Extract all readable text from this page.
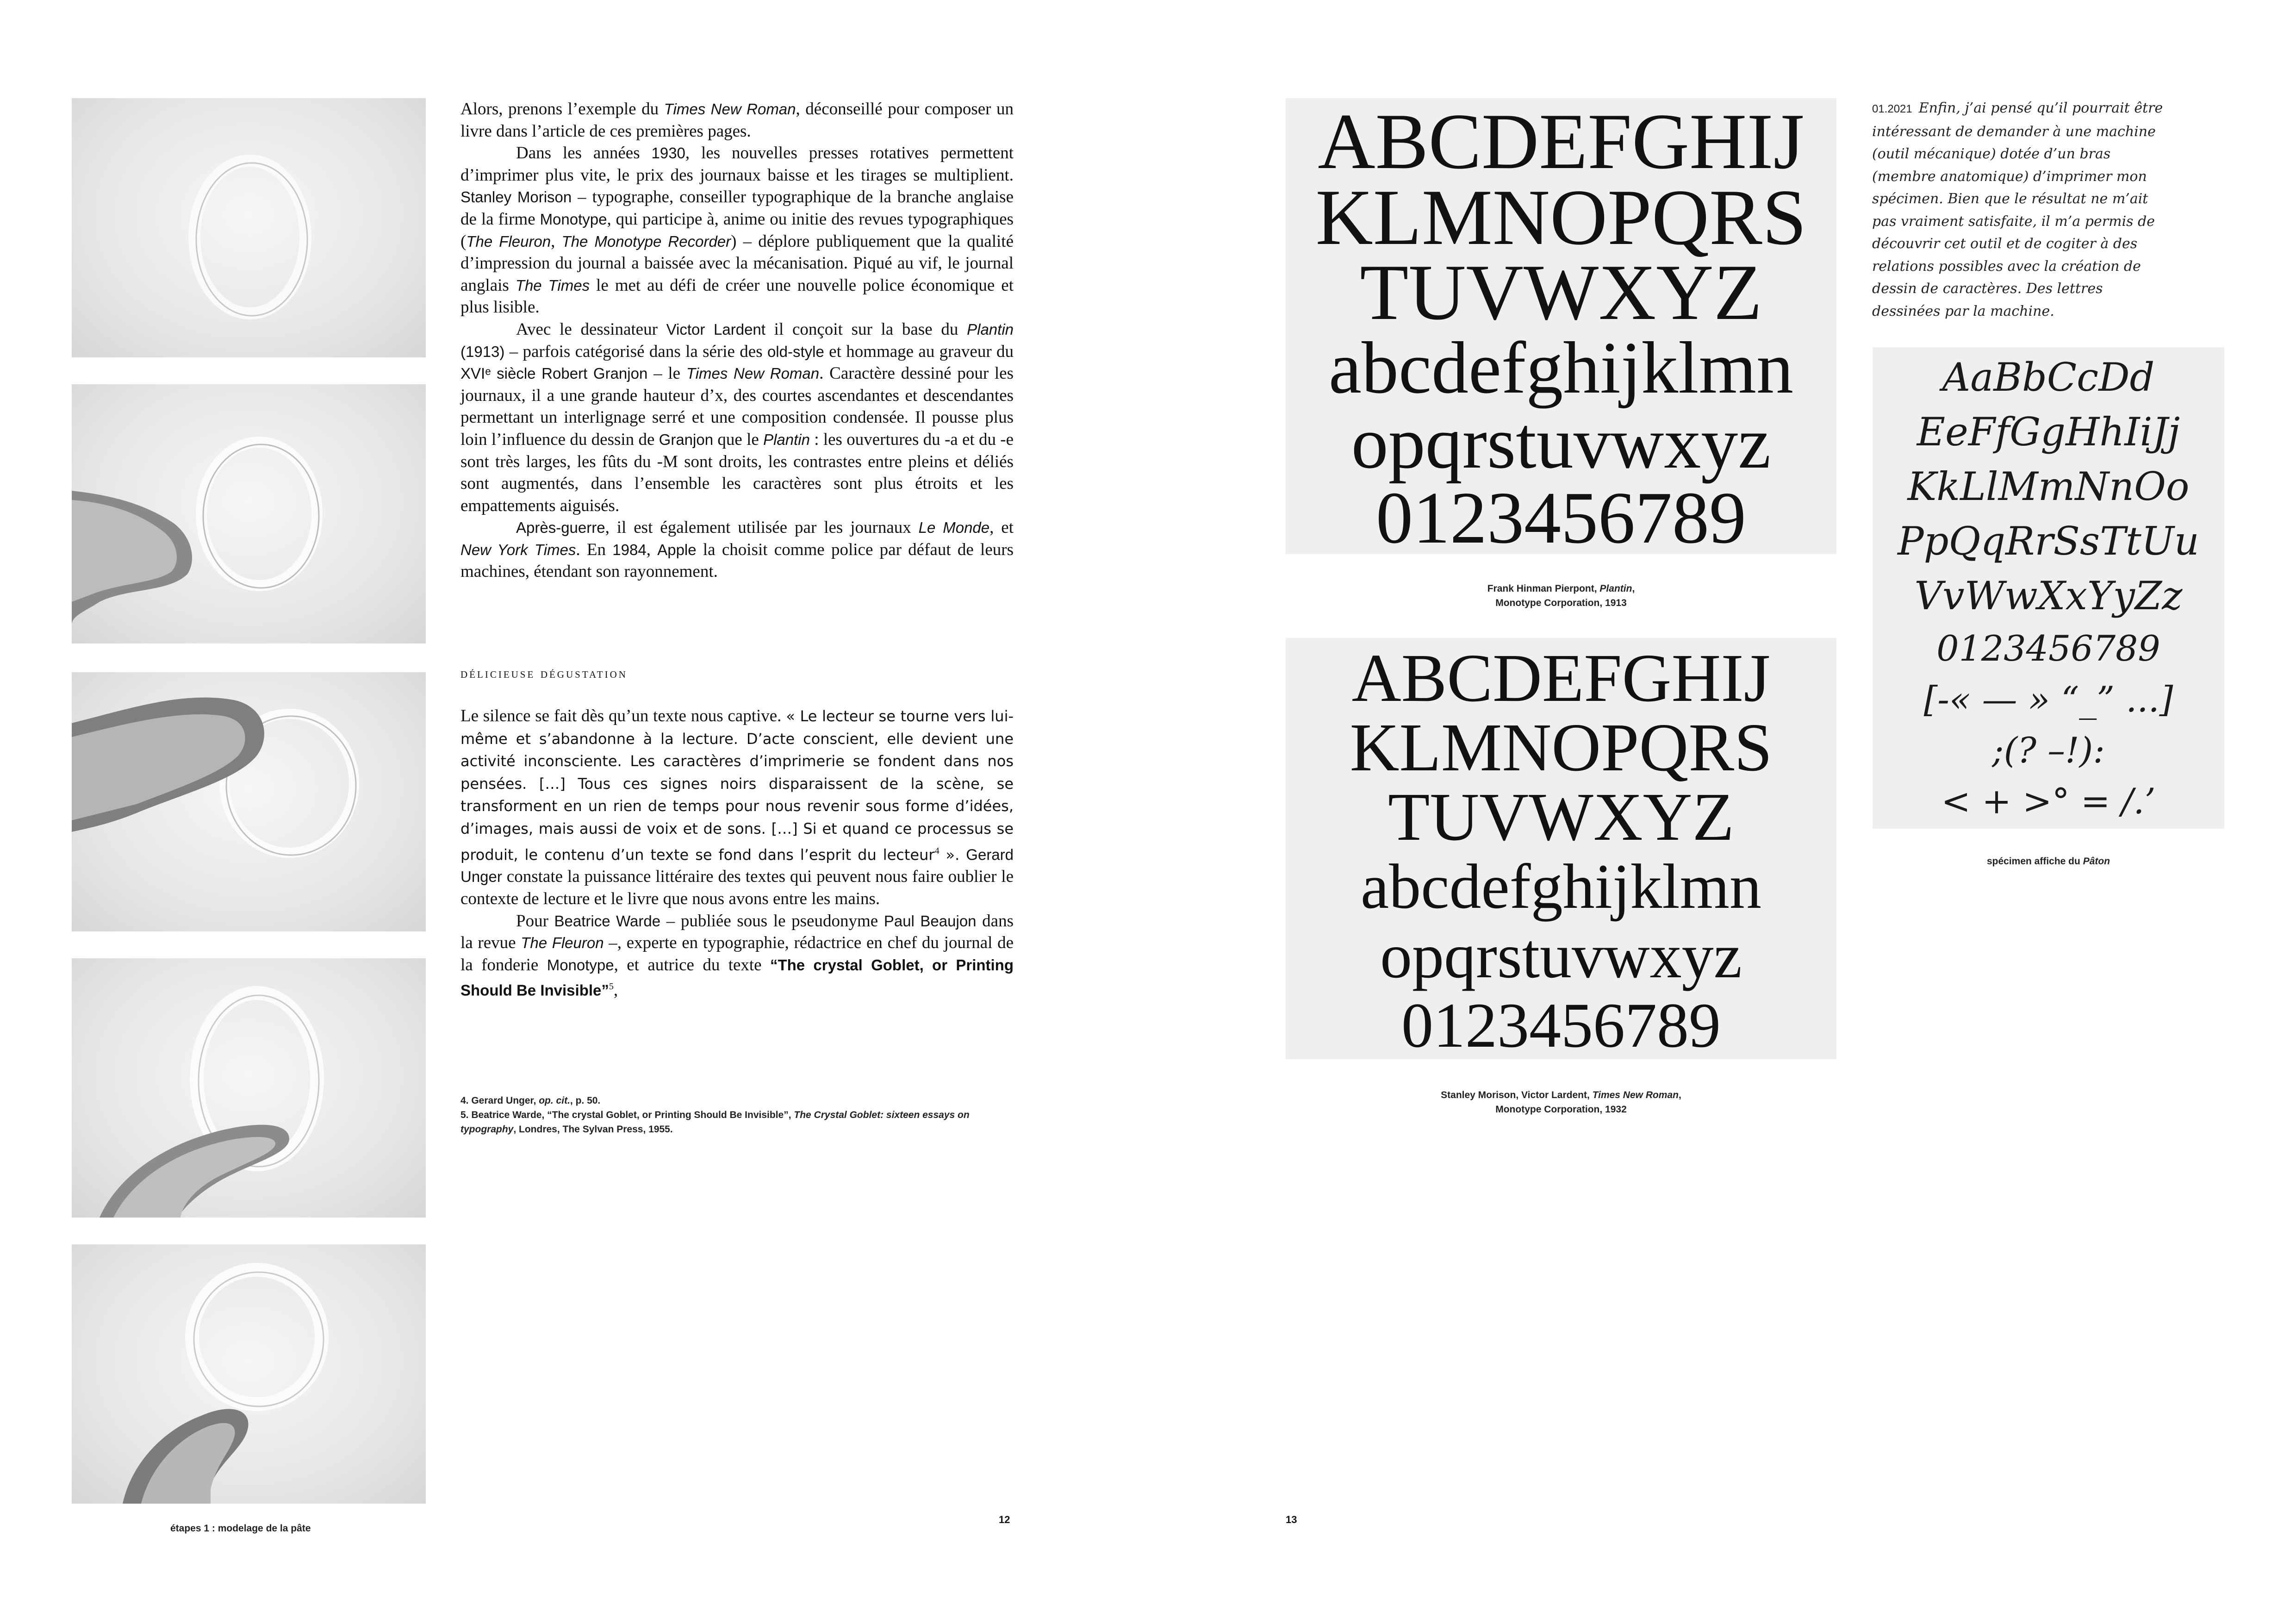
étapes 1 : modelage de la pâte

Alors, prenons l’exemple du Times New Roman, déconseillé pour composer un livre dans l’article de ces premières pages.

Dans les années 1930, les nouvelles presses rotatives permettent d’imprimer plus vite, le prix des journaux baisse et les tirages se multiplient. Stanley Morison – typographe, conseiller typographique de la branche anglaise de la firme Monotype, qui participe à, anime ou initie des revues typographiques (The Fleuron, The Monotype Recorder) – déplore publiquement que la qualité d’impression du journal a baissée avec la mécanisation. Piqué au vif, le journal anglais The Times le met au défi de créer une nouvelle police économique et plus lisible.

Avec le dessinateur Victor Lardent il conçoit sur la base du Plantin (1913) – parfois catégorisé dans la série des old-style et hommage au graveur du XVIᵉ siècle Robert Granjon – le Times New Roman. Caractère dessiné pour les journaux, il a une grande hauteur d’x, des courtes ascendantes et descendantes permettant un interlignage serré et une composition condensée. Il pousse plus loin l’influence du dessin de Granjon que le Plantin : les ouvertures du -a et du -e sont très larges, les fûts du -M sont droits, les contrastes entre pleins et déliés sont augmentés, dans l’ensemble les caractères sont plus étroits et les empattements aiguisés.

Après-guerre, il est également utilisée par les journaux Le Monde, et New York Times. En 1984, Apple la choisit comme police par défaut de leurs machines, étendant son rayonnement.

délicieuse dégustation

Le silence se fait dès qu’un texte nous captive. « Le lecteur se tourne vers lui-même et s’abandonne à la lecture. D’acte conscient, elle devient une activité inconsciente. Les caractères d’imprimerie se fondent dans nos pensées. […] Tous ces signes noirs disparaissent de la scène, se transforment en un rien de temps pour nous revenir sous forme d’idées, d’images, mais aussi de voix et de sons. […] Si et quand ce processus se produit, le contenu d’un texte se fond dans l’esprit du lecteur$^4$ ». Gerard Unger constate la puissance littéraire des textes qui peuvent nous faire oublier le contexte de lecture et le livre que nous avons entre les mains.

Pour Beatrice Warde – publiée sous le pseudonyme Paul Beaujon dans la revue The Fleuron –, experte en typographie, rédactrice en chef du journal de la fonderie Monotype, et autrice du texte “The crystal Goblet, or Printing Should Be Invisible”$^5$,

4. Gerard Unger, op. cit., p. 50.

5. Beatrice Warde, “The crystal Goblet, or Printing Should Be Invisible”, The Crystal Goblet: sixteen essays on typography, Londres, The Sylvan Press, 1955.

12	13
ABCDEFGHIJ
KLMNOPQRS
TUVWXYZ
abcdefghijklmn
opqrstuvwxyz
0123456789
Frank Hinman Pierpont, Plantin,
Monotype Corporation, 1913
ABCDEFGHIJ
KLMNOPQRS
TUVWXYZ
abcdefghijklmn
opqrstuvwxyz
0123456789
Stanley Morison, Victor Lardent, Times New Roman,
Monotype Corporation, 1932
01.2021 Enfin, j’ai pensé qu’il pourrait être intéressant de demander à une machine (outil mécanique) dotée d’un bras (membre anatomique) d’imprimer mon spécimen. Bien que le résultat ne m’ait pas vraiment satisfaite, il m’a permis de découvrir cet outil et de cogiter à des relations possibles avec la création de dessin de caractères. Des lettres dessinées par la machine.
AaBbCcDd
EeFfGgHhIiJj
KkLlMmNnOo
PpQqRrSsTtUu
VvWwXxYyZz
0123456789
[-« — » “_” ...]
;(? –!):
< + >° = /.’
spécimen affiche du Pâton
